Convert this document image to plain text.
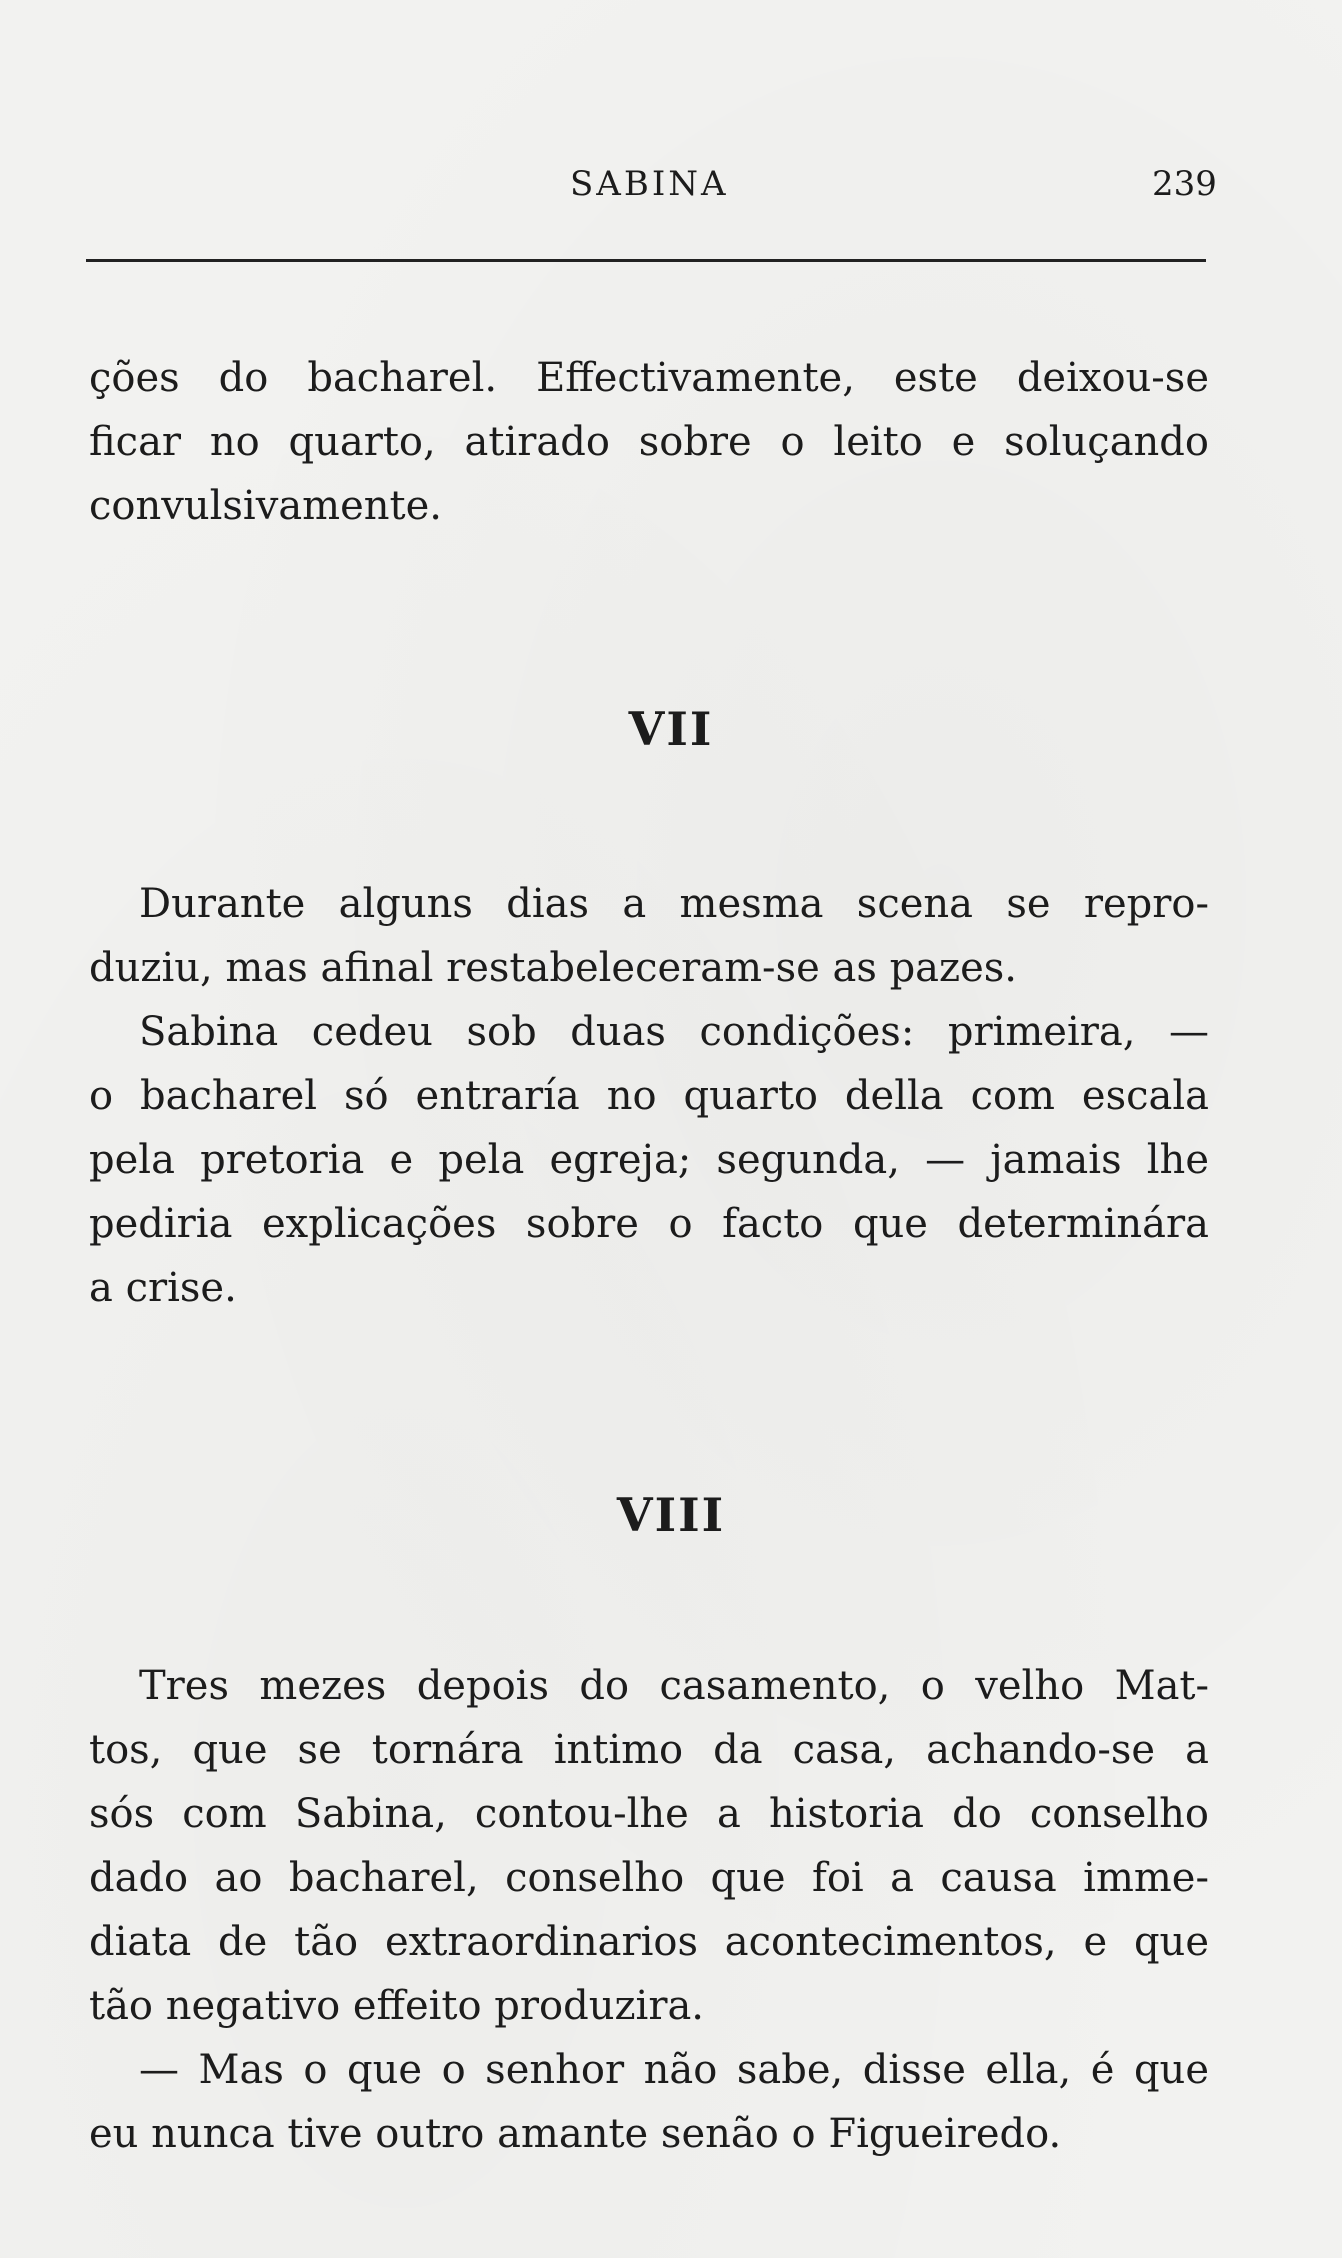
SABINA	239
ções do bacharel. Effectivamente, este deixou-se
ficar no quarto, atirado sobre o leito e soluçando
convulsivamente.
VII
Durante alguns dias a mesma scena se repro-
duziu, mas afinal restabeleceram-se as pazes.
Sabina cedeu sob duas condições: primeira, —
o bacharel só entraría no quarto della com escala
pela pretoria e pela egreja; segunda, — jamais lhe
pediria explicações sobre o facto que determinára
a crise.
VIII
Tres mezes depois do casamento, o velho Mat-
tos, que se tornára intimo da casa, achando-se a
sós com Sabina, contou-lhe a historia do conselho
dado ao bacharel, conselho que foi a causa imme-
diata de tão extraordinarios acontecimentos, e que
tão negativo effeito produzira.
— Mas o que o senhor não sabe, disse ella, é que
eu nunca tive outro amante senão o Figueiredo.
